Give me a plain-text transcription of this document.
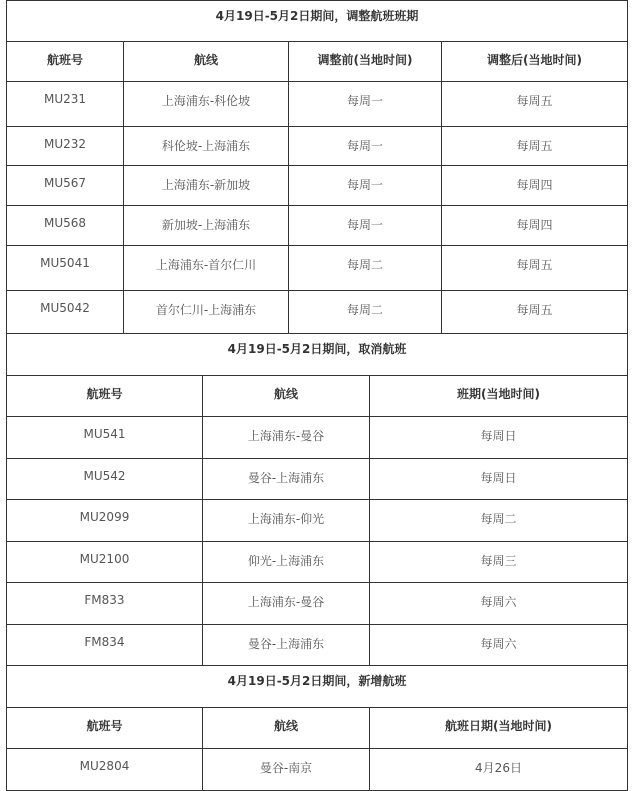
4月19日-5月2日期间，调整航班班期			
航班号	航线	调整前(当地时间)	调整后(当地时间)
MU231	上海浦东-科伦坡	每周一	每周五
MU232	科伦坡-上海浦东	每周一	每周五
MU567	上海浦东-新加坡	每周一	每周四
MU568	新加坡-上海浦东	每周一	每周四
MU5041	上海浦东-首尔仁川	每周二	每周五
MU5042	首尔仁川-上海浦东	每周二	每周五
4月19日-5月2日期间，取消航班		
航班号	航线	班期(当地时间)
MU541	上海浦东-曼谷	每周日
MU542	曼谷-上海浦东	每周日
MU2099	上海浦东-仰光	每周二
MU2100	仰光-上海浦东	每周三
FM833	上海浦东-曼谷	每周六
FM834	曼谷-上海浦东	每周六
4月19日-5月2日期间，新增航班		
航班号	航线	航班日期(当地时间)
MU2804	曼谷-南京	4月26日
